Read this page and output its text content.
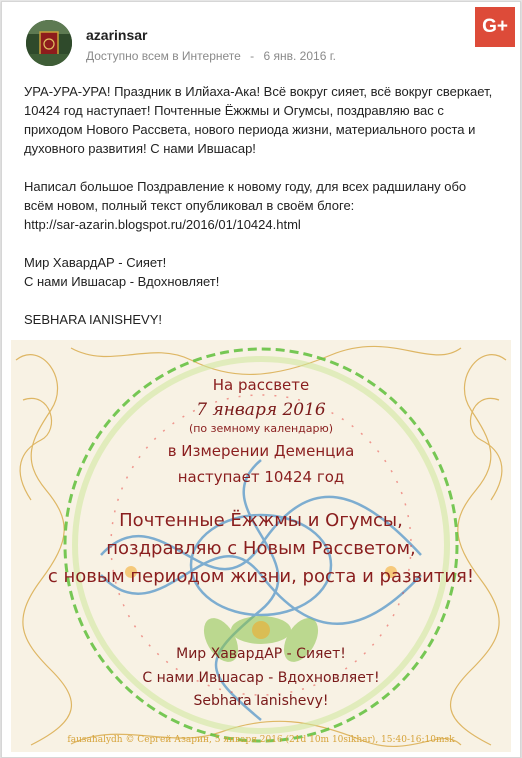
azarinsar
Доступно всем в Интернете - 6 янв. 2016 г.
G+

УРА-УРА-УРА! Праздник в Илйаха-Ака! Всё вокруг сияет, всё вокруг сверкает,
10424 год наступает! Почтенные Ёжжмы и Огумсы, поздравляю вас с
приходом Нового Рассвета, нового периода жизни, материального роста и
духовного развития! С нами Ившасар!

Написал большое Поздравление к новому году, для всех радшилану обо
всём новом, полный текст опубликовал в своём блоге:
http://sar-azarin.blogspot.ru/2016/01/10424.html

Мир ХавардАР - Сияет!
С нами Ившасар - Вдохновляет!

SEBHARA IANISHEVY!

На рассвете
7 января 2016
(по земному календарю)
в Измерении Деменциа
наступает 10424 год
Почтенные Ёжжмы и Огумсы,
поздравляю с Новым Рассветом,
с новым периодом жизни, роста и развития!
Мир ХавардАР - Сияет!
С нами Ившасар - Вдохновляет!
Sebhara Ianishevy!
fausahalydh © Сергей Азарин, 5 января 2016 (21d 10m 10sikhar), 15:40-16:10msk
